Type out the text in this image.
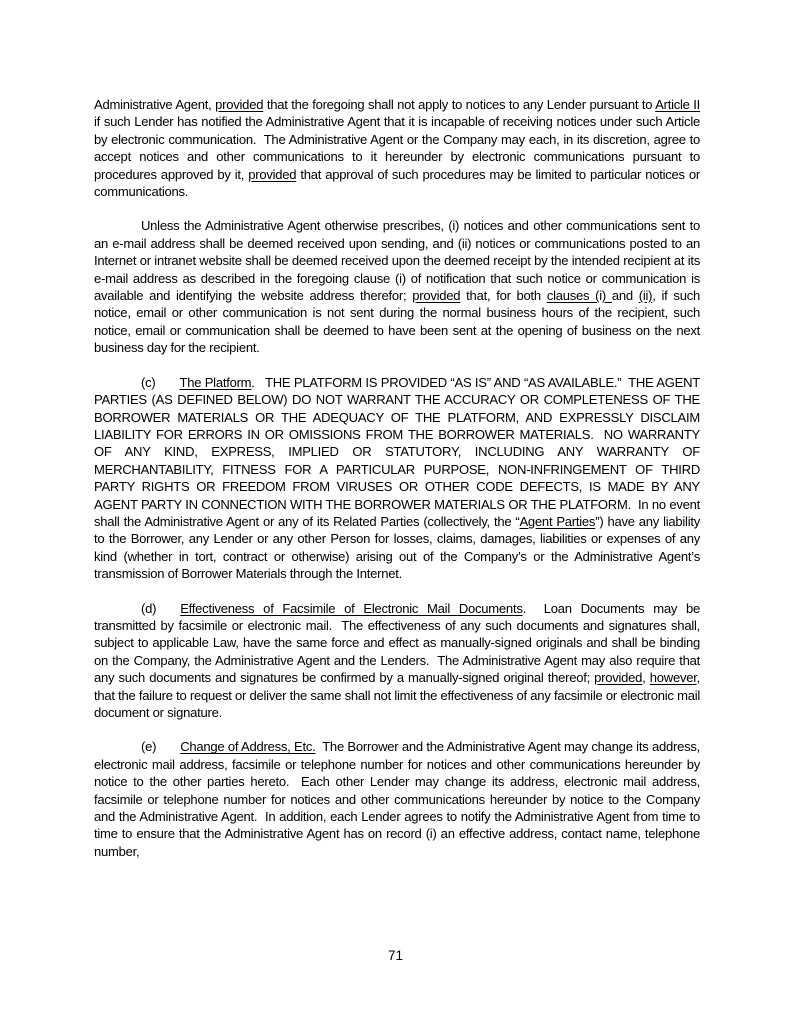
Administrative Agent, provided that the foregoing shall not apply to notices to any Lender pursuant to Article II if such Lender has notified the Administrative Agent that it is incapable of receiving notices under such Article by electronic communication.  The Administrative Agent or the Company may each, in its discretion, agree to accept notices and other communications to it hereunder by electronic communications pursuant to procedures approved by it, provided that approval of such procedures may be limited to particular notices or communications.

Unless the Administrative Agent otherwise prescribes, (i) notices and other communications sent to an e-mail address shall be deemed received upon sending, and (ii) notices or communications posted to an Internet or intranet website shall be deemed received upon the deemed receipt by the intended recipient at its e-mail address as described in the foregoing clause (i) of notification that such notice or communication is available and identifying the website address therefor; provided that, for both clauses (i) and (ii), if such notice, email or other communication is not sent during the normal business hours of the recipient, such notice, email or communication shall be deemed to have been sent at the opening of business on the next business day for the recipient.

(c) The Platform.   THE PLATFORM IS PROVIDED “AS IS” AND “AS AVAILABLE.”  THE AGENT PARTIES (AS DEFINED BELOW) DO NOT WARRANT THE ACCURACY OR COMPLETENESS OF THE BORROWER MATERIALS OR THE ADEQUACY OF THE PLATFORM, AND EXPRESSLY DISCLAIM LIABILITY FOR ERRORS IN OR OMISSIONS FROM THE BORROWER MATERIALS.  NO WARRANTY OF ANY KIND, EXPRESS, IMPLIED OR STATUTORY, INCLUDING ANY WARRANTY OF MERCHANTABILITY, FITNESS FOR A PARTICULAR PURPOSE, NON-INFRINGEMENT OF THIRD PARTY RIGHTS OR FREEDOM FROM VIRUSES OR OTHER CODE DEFECTS, IS MADE BY ANY AGENT PARTY IN CONNECTION WITH THE BORROWER MATERIALS OR THE PLATFORM.  In no event shall the Administrative Agent or any of its Related Parties (collectively, the “Agent Parties”) have any liability to the Borrower, any Lender or any other Person for losses, claims, damages, liabilities or expenses of any kind (whether in tort, contract or otherwise) arising out of the Company’s or the Administrative Agent’s transmission of Borrower Materials through the Internet.

(d) Effectiveness of Facsimile of Electronic Mail Documents.  Loan Documents may be transmitted by facsimile or electronic mail.  The effectiveness of any such documents and signatures shall, subject to applicable Law, have the same force and effect as manually-signed originals and shall be binding on the Company, the Administrative Agent and the Lenders.  The Administrative Agent may also require that any such documents and signatures be confirmed by a manually-signed original thereof; provided, however, that the failure to request or deliver the same shall not limit the effectiveness of any facsimile or electronic mail document or signature.

(e) Change of Address, Etc.  The Borrower and the Administrative Agent may change its address, electronic mail address, facsimile or telephone number for notices and other communications hereunder by notice to the other parties hereto.  Each other Lender may change its address, electronic mail address, facsimile or telephone number for notices and other communications hereunder by notice to the Company and the Administrative Agent.  In addition, each Lender agrees to notify the Administrative Agent from time to time to ensure that the Administrative Agent has on record (i) an effective address, contact name, telephone number,

71
